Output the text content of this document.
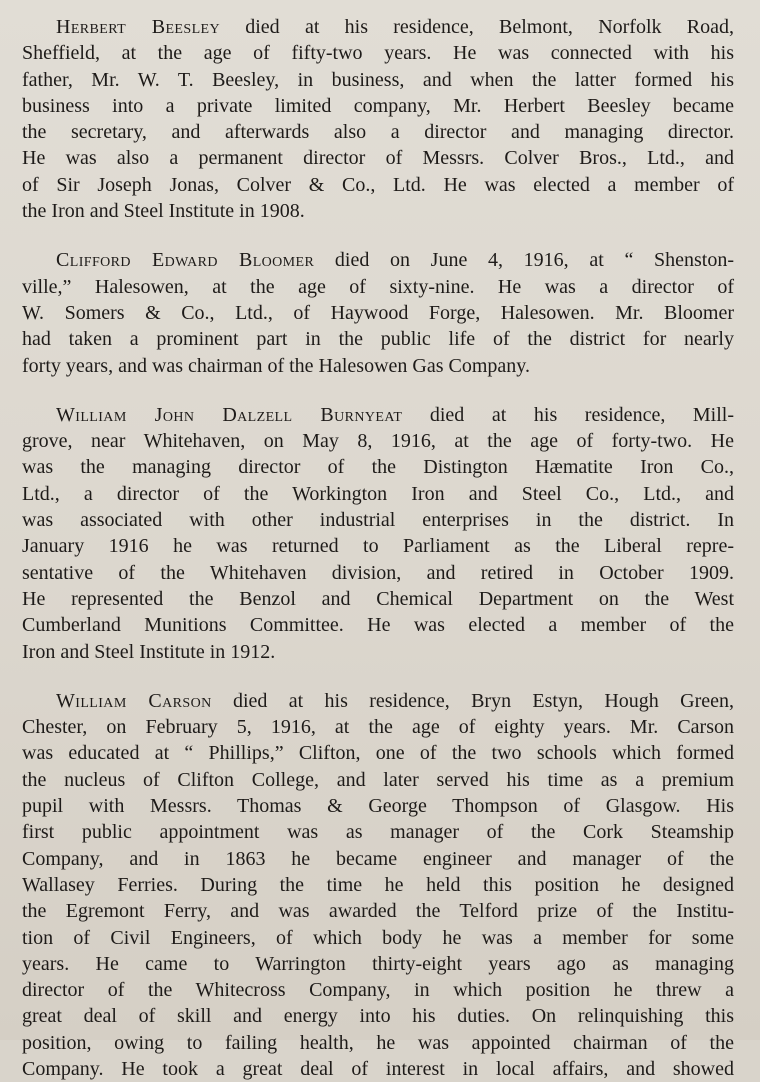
Herbert Beesley died at his residence, Belmont, Norfolk Road,
Sheffield, at the age of fifty-two years. He was connected with his
father, Mr. W. T. Beesley, in business, and when the latter formed his
business into a private limited company, Mr. Herbert Beesley became
the secretary, and afterwards also a director and managing director.
He was also a permanent director of Messrs. Colver Bros., Ltd., and
of Sir Joseph Jonas, Colver & Co., Ltd. He was elected a member of
the Iron and Steel Institute in 1908.

Clifford Edward Bloomer died on June 4, 1916, at “ Shenston-
ville,” Halesowen, at the age of sixty-nine. He was a director of
W. Somers & Co., Ltd., of Haywood Forge, Halesowen. Mr. Bloomer
had taken a prominent part in the public life of the district for nearly
forty years, and was chairman of the Halesowen Gas Company.

William John Dalzell Burnyeat died at his residence, Mill-
grove, near Whitehaven, on May 8, 1916, at the age of forty-two. He
was the managing director of the Distington Hæmatite Iron Co.,
Ltd., a director of the Workington Iron and Steel Co., Ltd., and
was associated with other industrial enterprises in the district. In
January 1916 he was returned to Parliament as the Liberal repre-
sentative of the Whitehaven division, and retired in October 1909.
He represented the Benzol and Chemical Department on the West
Cumberland Munitions Committee. He was elected a member of the
Iron and Steel Institute in 1912.

William Carson died at his residence, Bryn Estyn, Hough Green,
Chester, on February 5, 1916, at the age of eighty years. Mr. Carson
was educated at “ Phillips,” Clifton, one of the two schools which formed
the nucleus of Clifton College, and later served his time as a premium
pupil with Messrs. Thomas & George Thompson of Glasgow. His
first public appointment was as manager of the Cork Steamship
Company, and in 1863 he became engineer and manager of the
Wallasey Ferries. During the time he held this position he designed
the Egremont Ferry, and was awarded the Telford prize of the Institu-
tion of Civil Engineers, of which body he was a member for some
years. He came to Warrington thirty-eight years ago as managing
director of the Whitecross Company, in which position he threw a
great deal of skill and energy into his duties. On relinquishing this
position, owing to failing health, he was appointed chairman of the
Company. He took a great deal of interest in local affairs, and showed
